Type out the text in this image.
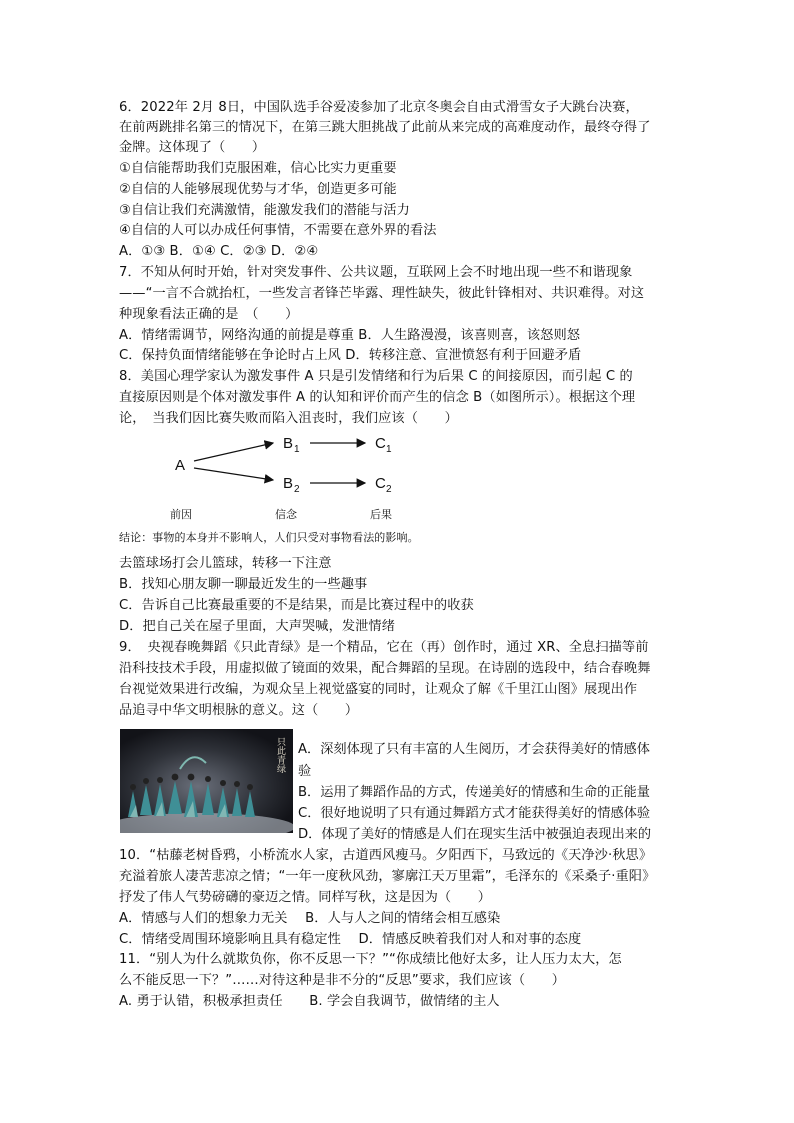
6．2022年 2月 8日，中国队选手谷爱凌参加了北京冬奥会自由式滑雪女子大跳台决赛，
在前两跳排名第三的情况下，在第三跳大胆挑战了此前从来完成的高难度动作，最终夺得了
金牌。这体现了（　　）
①自信能帮助我们克服困难，信心比实力更重要
②自信的人能够展现优势与才华，创造更多可能
③自信让我们充满激情，能激发我们的潜能与活力
④自信的人可以办成任何事情，不需要在意外界的看法
A．①③ B．①④ C．②③ D．②④
7．不知从何时开始，针对突发事件、公共议题，互联网上会不时地出现一些不和谐现象
——“一言不合就抬杠，一些发言者锋芒毕露、理性缺失，彼此针锋相对、共识难得。对这
种现象看法正确的是　（　　）
A．情绪需调节，网络沟通的前提是尊重 B．人生路漫漫，该喜则喜，该怒则怒
C．保持负面情绪能够在争论时占上风 D．转移注意、宣泄愤怒有利于回避矛盾
8．美国心理学家认为激发事件 A 只是引发情绪和行为后果 C 的间接原因，而引起 C 的
直接原因则是个体对激发事件 A 的认知和评价而产生的信念 B（如图所示）。根据这个理
论，　当我们因比赛失败而陷入沮丧时，我们应该（　　）
A
B 1
B 2
C 1
C 2
前因	信念	后果
结论：事物的本身并不影响人，人们只受对事物看法的影响。
去篮球场打会儿篮球，转移一下注意
B．找知心朋友聊一聊最近发生的一些趣事
C．告诉自己比赛最重要的不是结果，而是比赛过程中的收获
D．把自己关在屋子里面，大声哭喊，发泄情绪
9．　央视春晚舞蹈《只此青绿》是一个精品，它在（再）创作时，通过 XR、全息扫描等前
沿科技技术手段，用虚拟做了镜面的效果，配合舞蹈的呈现。在诗剧的选段中，结合春晚舞
台视觉效果进行改编，为观众呈上视觉盛宴的同时，让观众了解《千里江山图》展现出作
品追寻中华文明根脉的意义。这（　　）
只此青绿 A．深刻体现了只有丰富的人生阅历，才会获得美好的情感体
验
B．运用了舞蹈作品的方式，传递美好的情感和生命的正能量
C．很好地说明了只有通过舞蹈方式才能获得美好的情感体验
D．体现了美好的情感是人们在现实生活中被强迫表现出来的
10．“枯藤老树昏鸦，小桥流水人家，古道西风瘦马。夕阳西下，马致远的《天净沙·秋思》
充溢着旅人凄苦悲凉之情；“一年一度秋风劲，寥廓江天万里霜”，毛泽东的《采桑子·重阳》
抒发了伟人气势磅礴的豪迈之情。同样写秋，这是因为（　　）
A．情感与人们的想象力无关　 B．人与人之间的情绪会相互感染
C．情绪受周围环境影响且具有稳定性　 D．情感反映着我们对人和对事的态度
11．“别人为什么就欺负你，你不反思一下？”“你成绩比他好太多，让人压力太大，怎
么不能反思一下？”……对待这种是非不分的“反思”要求，我们应该（　　）
A. 勇于认错，积极承担责任　　B. 学会自我调节，做情绪的主人
